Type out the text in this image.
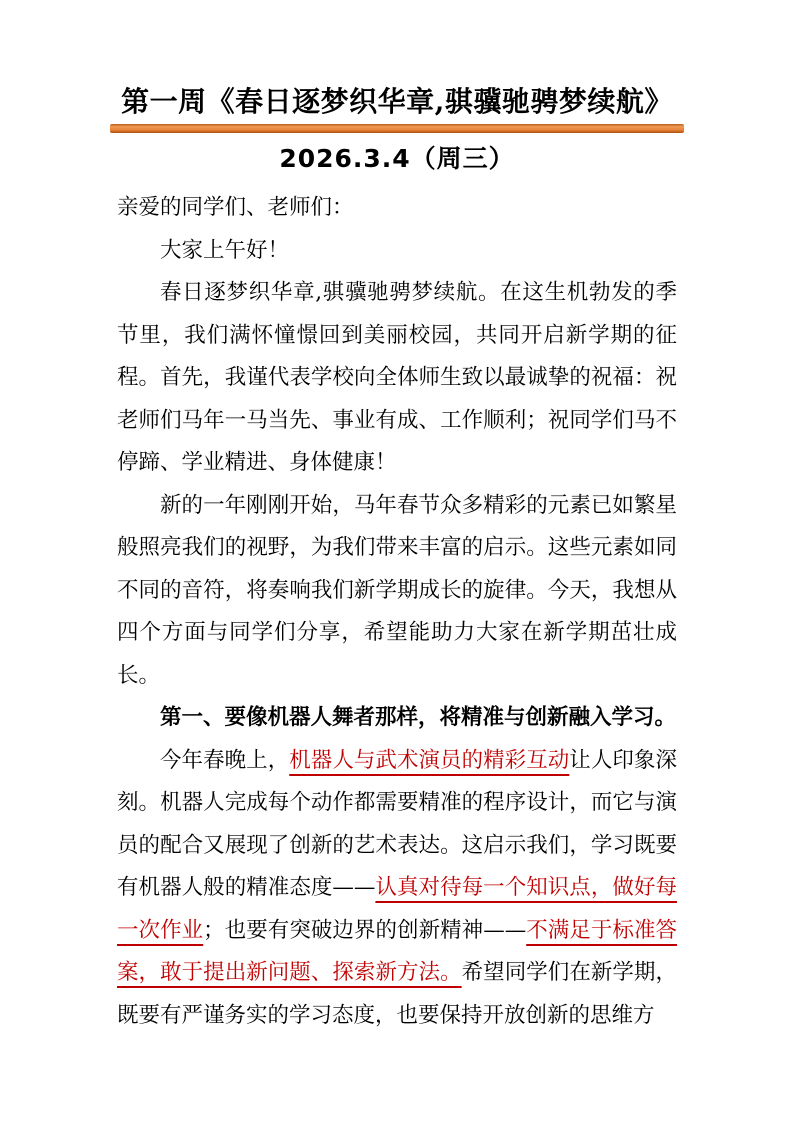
第一周《春日逐梦织华章,骐骥驰骋梦续航》
2026.3.4（周三）

亲爱的同学们、老师们：

大家上午好！

春日逐梦织华章,骐骥驰骋梦续航。在这生机勃发的季节里，我们满怀憧憬回到美丽校园，共同开启新学期的征程。首先，我谨代表学校向全体师生致以最诚挚的祝福：祝老师们马年一马当先、事业有成、工作顺利；祝同学们马不停蹄、学业精进、身体健康！

新的一年刚刚开始，马年春节众多精彩的元素已如繁星般照亮我们的视野，为我们带来丰富的启示。这些元素如同不同的音符，将奏响我们新学期成长的旋律。今天，我想从四个方面与同学们分享，希望能助力大家在新学期茁壮成长。

第一、要像机器人舞者那样，将精准与创新融入学习。

今年春晚上，机器人与武术演员的精彩互动让人印象深刻。机器人完成每个动作都需要精准的程序设计，而它与演员的配合又展现了创新的艺术表达。这启示我们，学习既要有机器人般的精准态度——认真对待每一个知识点，做好每一次作业；也要有突破边界的创新精神——不满足于标准答案，敢于提出新问题、探索新方法。希望同学们在新学期，既要有严谨务实的学习态度，也要保持开放创新的思维方
